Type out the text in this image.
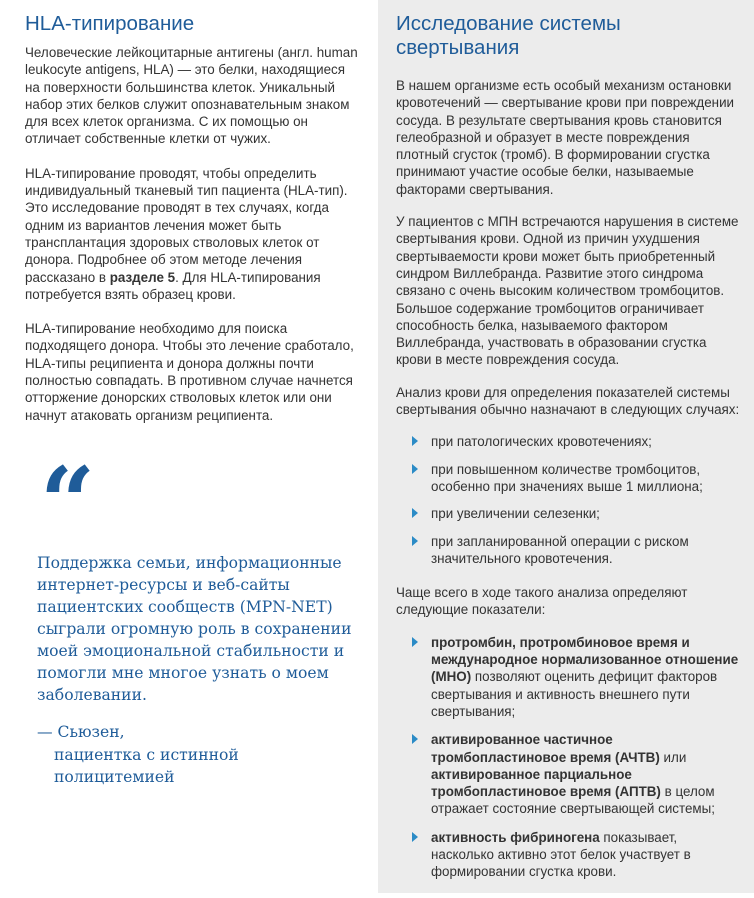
HLA-типирование

Человеческие лейкоцитарные антигены (англ. human leukocyte antigens, HLA) — это белки, находящиеся на поверхности большинства клеток. Уникальный набор этих белков служит опознавательным знаком для всех клеток организма. С их помощью он отличает собственные клетки от чужих.

HLA-типирование проводят, чтобы определить индивидуальный тканевый тип пациента (HLA-тип). Это исследование проводят в тех случаях, когда одним из вариантов лечения может быть трансплантация здоровых стволовых клеток от донора. Подробнее об этом методе лечения рассказано в разделе 5. Для HLA-типирования потребуется взять образец крови.

HLA-типирование необходимо для поиска подходящего донора. Чтобы это лечение сработало, HLA-типы реципиента и донора должны почти полностью совпадать. В противном случае начнется отторжение донорских стволовых клеток или они начнут атаковать организм реципиента.

“
Поддержка семьи, информационные интернет-ресурсы и веб-сайты пациентских сообществ (MPN-NET) сыграли огромную роль в сохранении моей эмоциональной стабильности и помогли мне многое узнать о моем заболевании.
— Сьюзен,
пациентка с истинной
полицитемией
Исследование системы свертывания

В нашем организме есть особый механизм остановки кровотечений — свертывание крови при повреждении сосуда. В результате свертывания кровь становится гелеобразной и образует в месте повреждения плотный сгусток (тромб). В формировании сгустка принимают участие особые белки, называемые факторами свертывания.

У пациентов с МПН встречаются нарушения в системе свертывания крови. Одной из причин ухудшения свертываемости крови может быть приобретенный синдром Виллебранда. Развитие этого синдрома связано с очень высоким количеством тромбоцитов. Большое содержание тромбоцитов ограничивает способность белка, называемого фактором Виллебранда, участвовать в образовании сгустка крови в месте повреждения сосуда.

Анализ крови для определения показателей системы свертывания обычно назначают в следующих случаях:

при патологических кровотечениях;
при повышенном количестве тромбоцитов, особенно при значениях выше 1 миллиона;
при увеличении селезенки;
при запланированной операции с риском значительного кровотечения.

Чаще всего в ходе такого анализа определяют следующие показатели:

протромбин, протромбиновое время и международное нормализованное отношение (МНО) позволяют оценить дефицит факторов свертывания и активность внешнего пути свертывания;
активированное частичное тромбопластиновое время (АЧТВ) или активированное парциальное тромбопластиновое время (АПТВ) в целом отражает состояние свертывающей системы;
активность фибриногена показывает, насколько активно этот белок участвует в формировании сгустка крови.
